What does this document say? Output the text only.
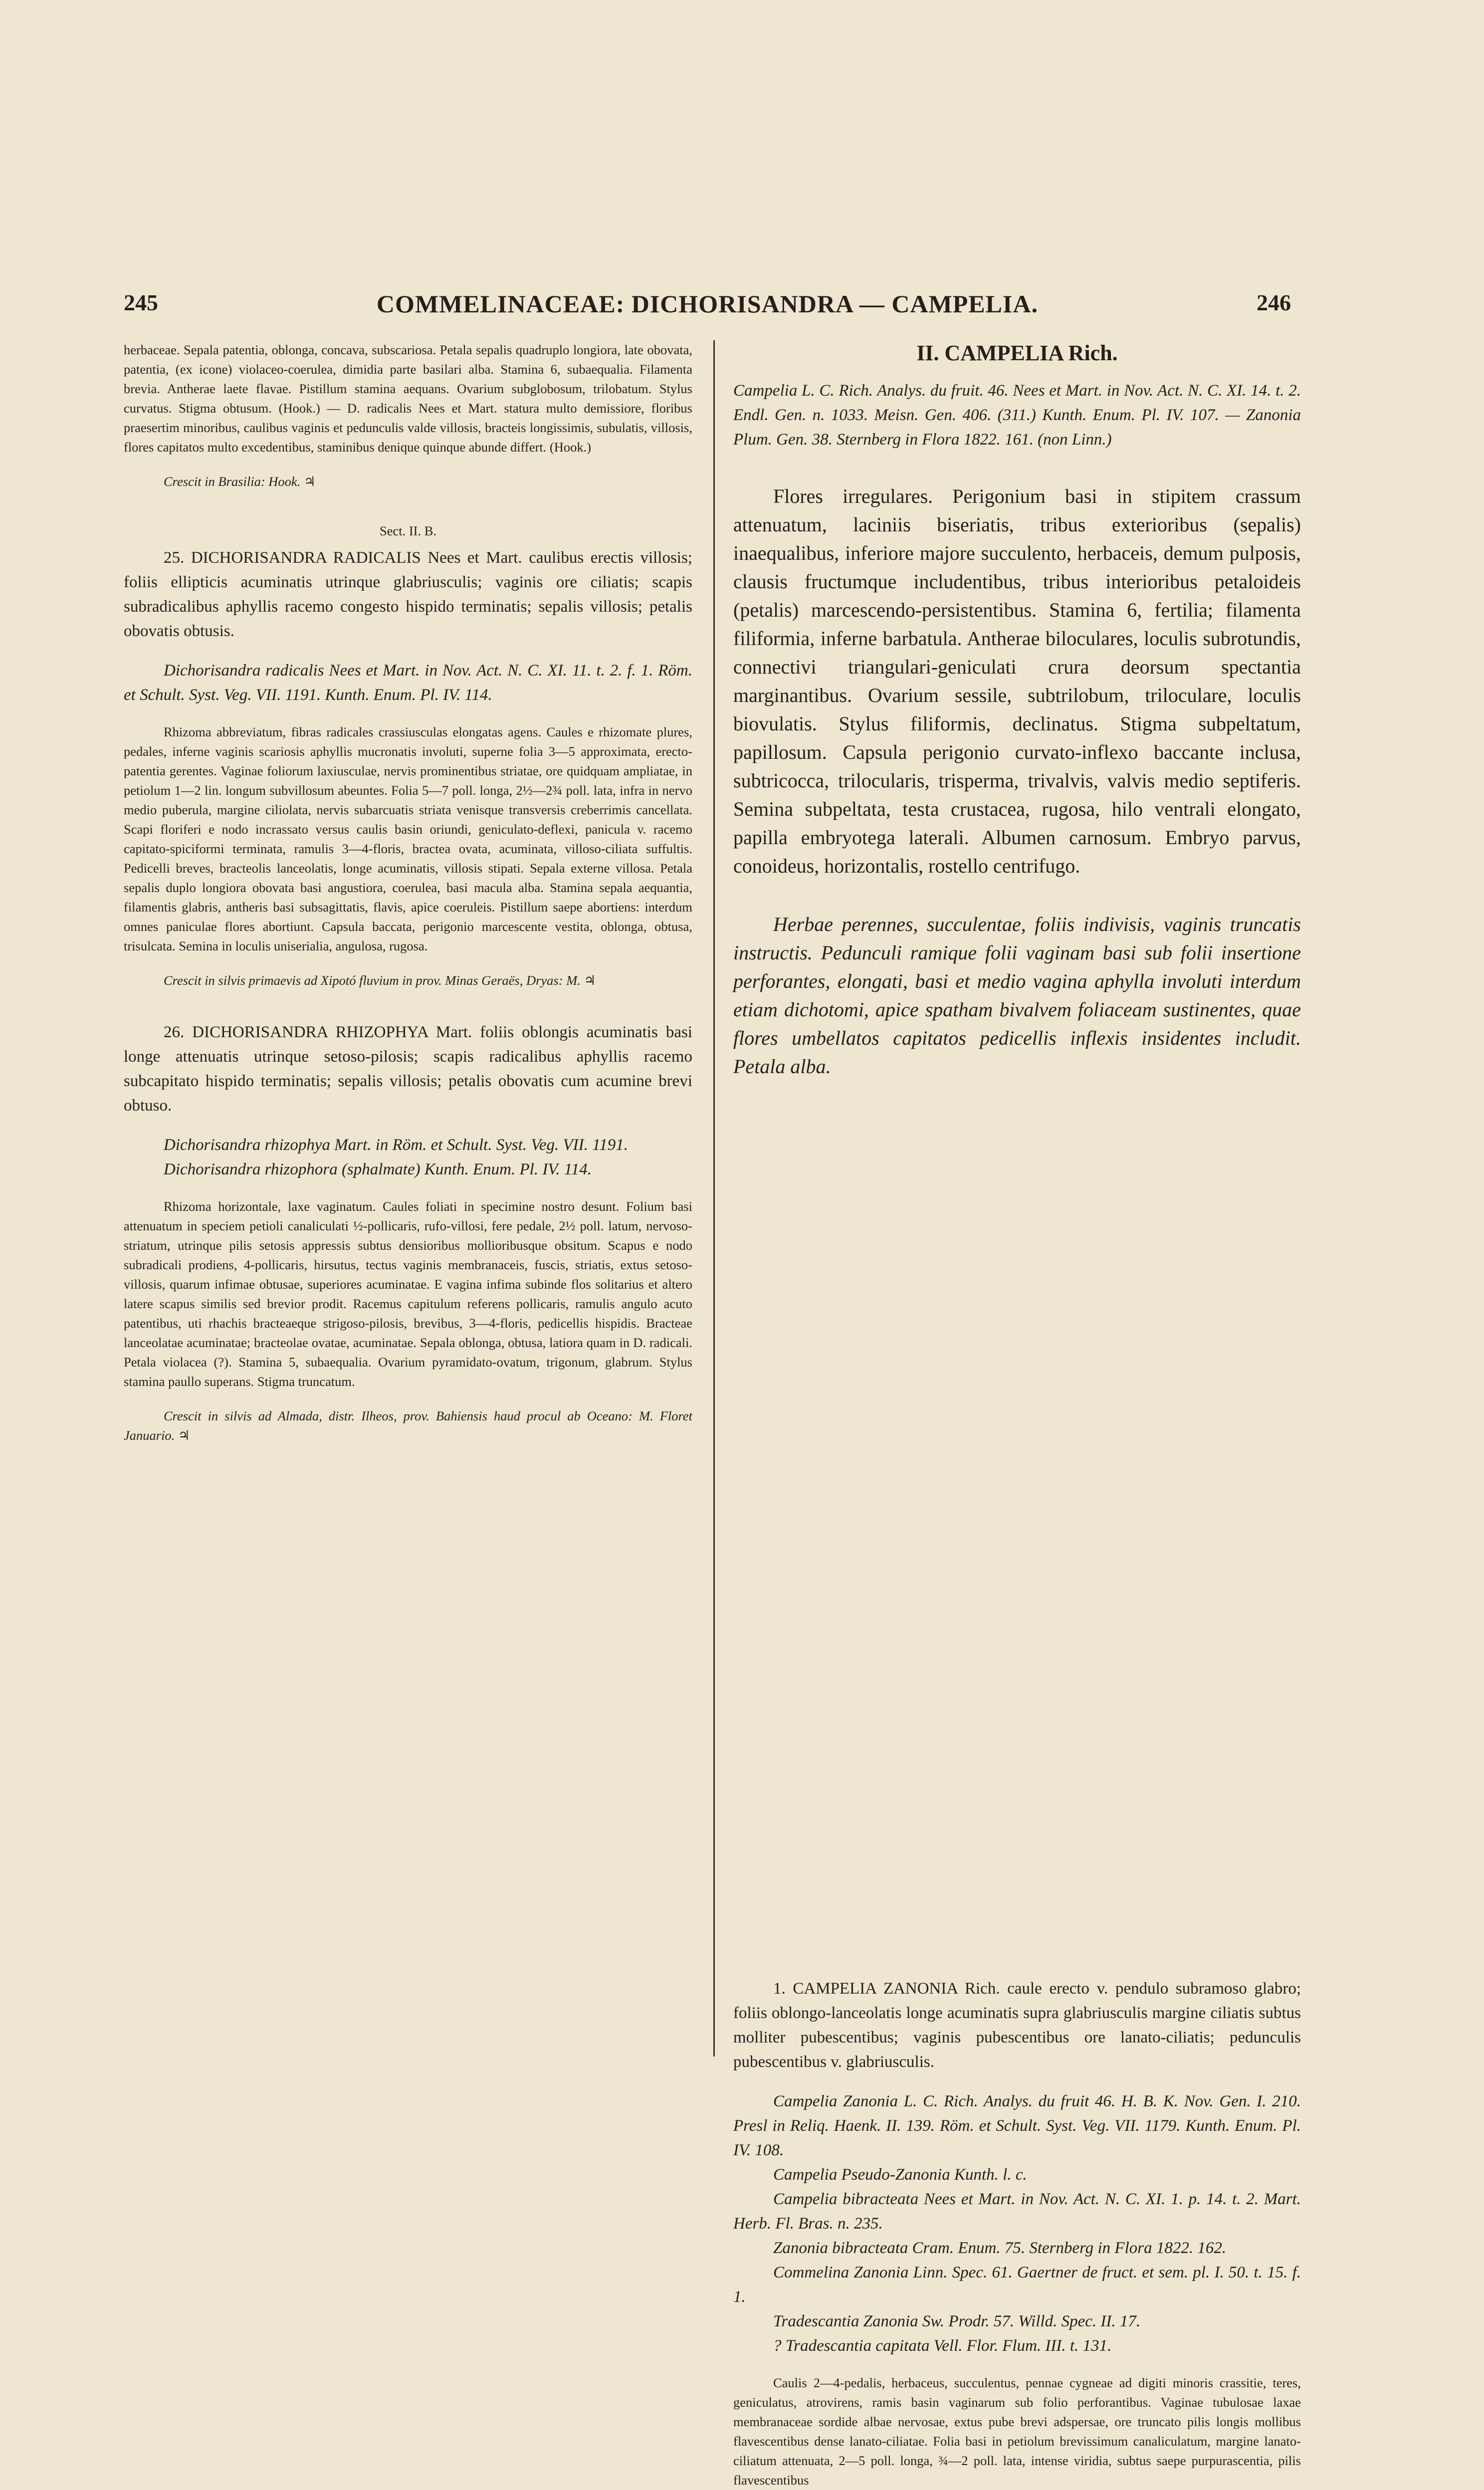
245	COMMELINACEAE: DICHORISANDRA — CAMPELIA.	246

herbaceae. Sepala patentia, oblonga, concava, subscariosa. Petala sepalis quadruplo longiora, late obovata, patentia, (ex icone) violaceo-coerulea, dimidia parte basilari alba. Stamina 6, subaequalia. Filamenta brevia. Antherae laete flavae. Pistillum stamina aequans. Ovarium subglobosum, trilobatum. Stylus curvatus. Stigma obtusum. (Hook.) — D. radicalis Nees et Mart. statura multo demissiore, floribus praesertim minoribus, caulibus vaginis et pedunculis valde villosis, bracteis longissimis, subulatis, villosis, flores capitatos multo excedentibus, staminibus denique quinque abunde differt. (Hook.)

Crescit in Brasilia: Hook. ♃

Sect. II. B.

25. DICHORISANDRA RADICALIS Nees et Mart. caulibus erectis villosis; foliis ellipticis acuminatis utrinque glabriusculis; vaginis ore ciliatis; scapis subradicalibus aphyllis racemo congesto hispido terminatis; sepalis villosis; petalis obovatis obtusis.

Dichorisandra radicalis Nees et Mart. in Nov. Act. N. C. XI. 11. t. 2. f. 1. Röm. et Schult. Syst. Veg. VII. 1191. Kunth. Enum. Pl. IV. 114.

Rhizoma abbreviatum, fibras radicales crassiusculas elongatas agens. Caules e rhizomate plures, pedales, inferne vaginis scariosis aphyllis mucronatis involuti, superne folia 3—5 approximata, erecto-patentia gerentes. Vaginae foliorum laxiusculae, nervis prominentibus striatae, ore quidquam ampliatae, in petiolum 1—2 lin. longum subvillosum abeuntes. Folia 5—7 poll. longa, 2½—2¾ poll. lata, infra in nervo medio puberula, margine ciliolata, nervis subarcuatis striata venisque transversis creberrimis cancellata. Scapi floriferi e nodo incrassato versus caulis basin oriundi, geniculato-deflexi, panicula v. racemo capitato-spiciformi terminata, ramulis 3—4-floris, bractea ovata, acuminata, villoso-ciliata suffultis. Pedicelli breves, bracteolis lanceolatis, longe acuminatis, villosis stipati. Sepala externe villosa. Petala sepalis duplo longiora obovata basi angustiora, coerulea, basi macula alba. Stamina sepala aequantia, filamentis glabris, antheris basi subsagittatis, flavis, apice coeruleis. Pistillum saepe abortiens: interdum omnes paniculae flores abortiunt. Capsula baccata, perigonio marcescente vestita, oblonga, obtusa, trisulcata. Semina in loculis uniserialia, angulosa, rugosa.

Crescit in silvis primaevis ad Xipotó fluvium in prov. Minas Geraës, Dryas: M. ♃

26. DICHORISANDRA RHIZOPHYA Mart. foliis oblongis acuminatis basi longe attenuatis utrinque setoso-pilosis; scapis radicalibus aphyllis racemo subcapitato hispido terminatis; sepalis villosis; petalis obovatis cum acumine brevi obtuso.

Dichorisandra rhizophya Mart. in Röm. et Schult. Syst. Veg. VII. 1191.

Dichorisandra rhizophora (sphalmate) Kunth. Enum. Pl. IV. 114.

Rhizoma horizontale, laxe vaginatum. Caules foliati in specimine nostro desunt. Folium basi attenuatum in speciem petioli canaliculati ½-pollicaris, rufo-villosi, fere pedale, 2½ poll. latum, nervoso-striatum, utrinque pilis setosis appressis subtus densioribus mollioribusque obsitum. Scapus e nodo subradicali prodiens, 4-pollicaris, hirsutus, tectus vaginis membranaceis, fuscis, striatis, extus setoso-villosis, quarum infimae obtusae, superiores acuminatae. E vagina infima subinde flos solitarius et altero latere scapus similis sed brevior prodit. Racemus capitulum referens pollicaris, ramulis angulo acuto patentibus, uti rhachis bracteaeque strigoso-pilosis, brevibus, 3—4-floris, pedicellis hispidis. Bracteae lanceolatae acuminatae; bracteolae ovatae, acuminatae. Sepala oblonga, obtusa, latiora quam in D. radicali. Petala violacea (?). Stamina 5, subaequalia. Ovarium pyramidato-ovatum, trigonum, glabrum. Stylus stamina paullo superans. Stigma truncatum.

Crescit in silvis ad Almada, distr. Ilheos, prov. Bahiensis haud procul ab Oceano: M. Floret Januario. ♃

II. CAMPELIA Rich.

Campelia L. C. Rich. Analys. du fruit. 46. Nees et Mart. in Nov. Act. N. C. XI. 14. t. 2. Endl. Gen. n. 1033. Meisn. Gen. 406. (311.) Kunth. Enum. Pl. IV. 107. — Zanonia Plum. Gen. 38. Sternberg in Flora 1822. 161. (non Linn.)

Flores irregulares. Perigonium basi in stipitem crassum attenuatum, laciniis biseriatis, tribus exterioribus (sepalis) inaequalibus, inferiore majore succulento, herbaceis, demum pulposis, clausis fructumque includentibus, tribus interioribus petaloideis (petalis) marcescendo-persistentibus. Stamina 6, fertilia; filamenta filiformia, inferne barbatula. Antherae biloculares, loculis subrotundis, connectivi triangulari-geniculati crura deorsum spectantia marginantibus. Ovarium sessile, subtrilobum, triloculare, loculis biovulatis. Stylus filiformis, declinatus. Stigma subpeltatum, papillosum. Capsula perigonio curvato-inflexo baccante inclusa, subtricocca, trilocularis, trisperma, trivalvis, valvis medio septiferis. Semina subpeltata, testa crustacea, rugosa, hilo ventrali elongato, papilla embryotega laterali. Albumen carnosum. Embryo parvus, conoideus, horizontalis, rostello centrifugo.

Herbae perennes, succulentae, foliis indivisis, vaginis truncatis instructis. Pedunculi ramique folii vaginam basi sub folii insertione perforantes, elongati, basi et medio vagina aphylla involuti interdum etiam dichotomi, apice spatham bivalvem foliaceam sustinentes, quae flores umbellatos capitatos pedicellis inflexis insidentes includit. Petala alba.

1. CAMPELIA ZANONIA Rich. caule erecto v. pendulo subramoso glabro; foliis oblongo-lanceolatis longe acuminatis supra glabriusculis margine ciliatis subtus molliter pubescentibus; vaginis pubescentibus ore lanato-ciliatis; pedunculis pubescentibus v. glabriusculis.

Campelia Zanonia L. C. Rich. Analys. du fruit 46. H. B. K. Nov. Gen. I. 210. Presl in Reliq. Haenk. II. 139. Röm. et Schult. Syst. Veg. VII. 1179. Kunth. Enum. Pl. IV. 108.

Campelia Pseudo-Zanonia Kunth. l. c.

Campelia bibracteata Nees et Mart. in Nov. Act. N. C. XI. 1. p. 14. t. 2. Mart. Herb. Fl. Bras. n. 235.

Zanonia bibracteata Cram. Enum. 75. Sternberg in Flora 1822. 162.

Commelina Zanonia Linn. Spec. 61. Gaertner de fruct. et sem. pl. I. 50. t. 15. f. 1.

Tradescantia Zanonia Sw. Prodr. 57. Willd. Spec. II. 17.

? Tradescantia capitata Vell. Flor. Flum. III. t. 131.

Caulis 2—4-pedalis, herbaceus, succulentus, pennae cygneae ad digiti minoris crassitie, teres, geniculatus, atrovirens, ramis basin vaginarum sub folio perforantibus. Vaginae tubulosae laxae membranaceae sordide albae nervosae, extus pube brevi adspersae, ore truncato pilis longis mollibus flavescentibus dense lanato-ciliatae. Folia basi in petiolum brevissimum canaliculatum, margine lanato-ciliatum attenuata, 2—5 poll. longa, ¾—2 poll. lata, intense viridia, subtus saepe purpurascentia, pilis flavescentibus
